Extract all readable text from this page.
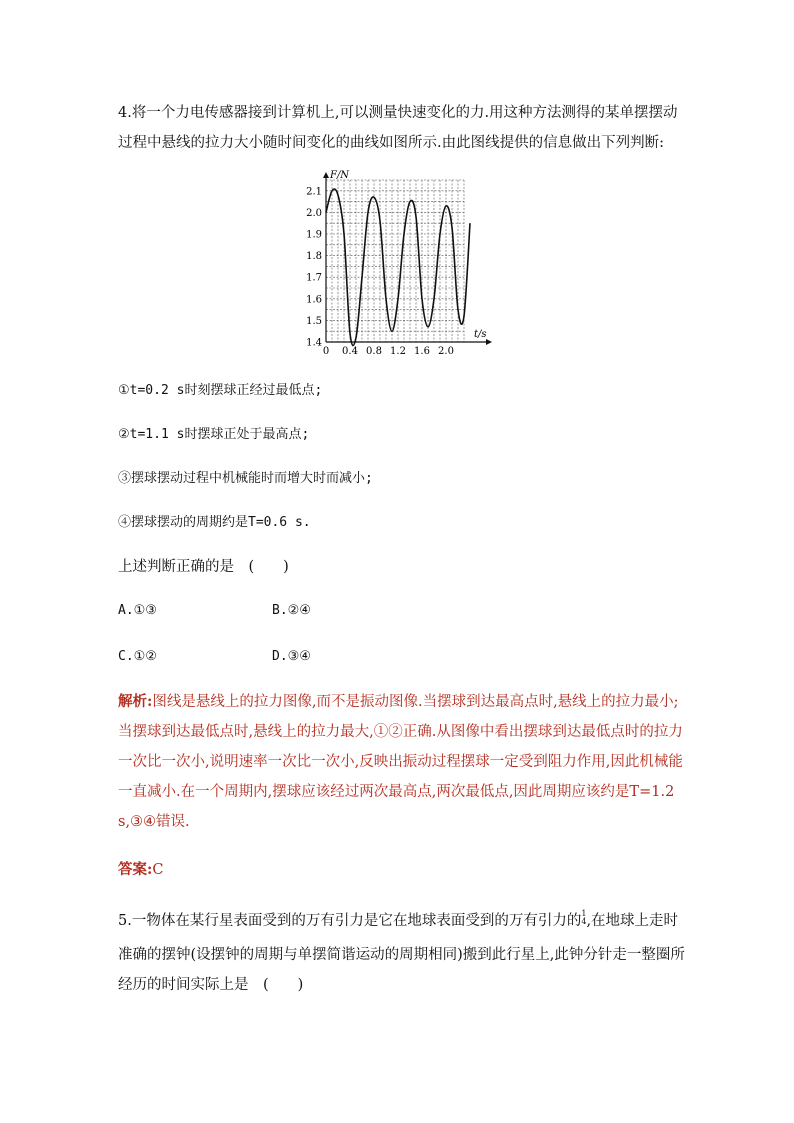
4.将一个力电传感器接到计算机上,可以测量快速变化的力.用这种方法测得的某单摆摆动
过程中悬线的拉力大小随时间变化的曲线如图所示.由此图线提供的信息做出下列判断:
0 0.4 0.8 1.2 1.6 2.0
1.4
1.5
1.6
1.7
1.8
1.9
2.0
2.1
F/N
t/s
①t=0.2 s时刻摆球正经过最低点;
②t=1.1 s时摆球正处于最高点;
③摆球摆动过程中机械能时而增大时而减小;
④摆球摆动的周期约是T=0.6 s.
上述判断正确的是　(　　)
A.①③	B.②④
C.①②	D.③④
解析:图线是悬线上的拉力图像,而不是振动图像.当摆球到达最高点时,悬线上的拉力最小;当摆球到达最低点时,悬线上的拉力最大,①②正确.从图像中看出摆球到达最低点时的拉力一次比一次小,说明速率一次比一次小,反映出振动过程摆球一定受到阻力作用,因此机械能一直减小.在一个周期内,摆球应该经过两次最高点,两次最低点,因此周期应该约是T=1.2 s,③④错误.
答案:C
5.一物体在某行星表面受到的万有引力是它在地球表面受到的万有引力的 1
4 ,在地球上走时
准确的摆钟(设摆钟的周期与单摆简谐运动的周期相同)搬到此行星上,此钟分针走一整圈所
经历的时间实际上是　(　　)
